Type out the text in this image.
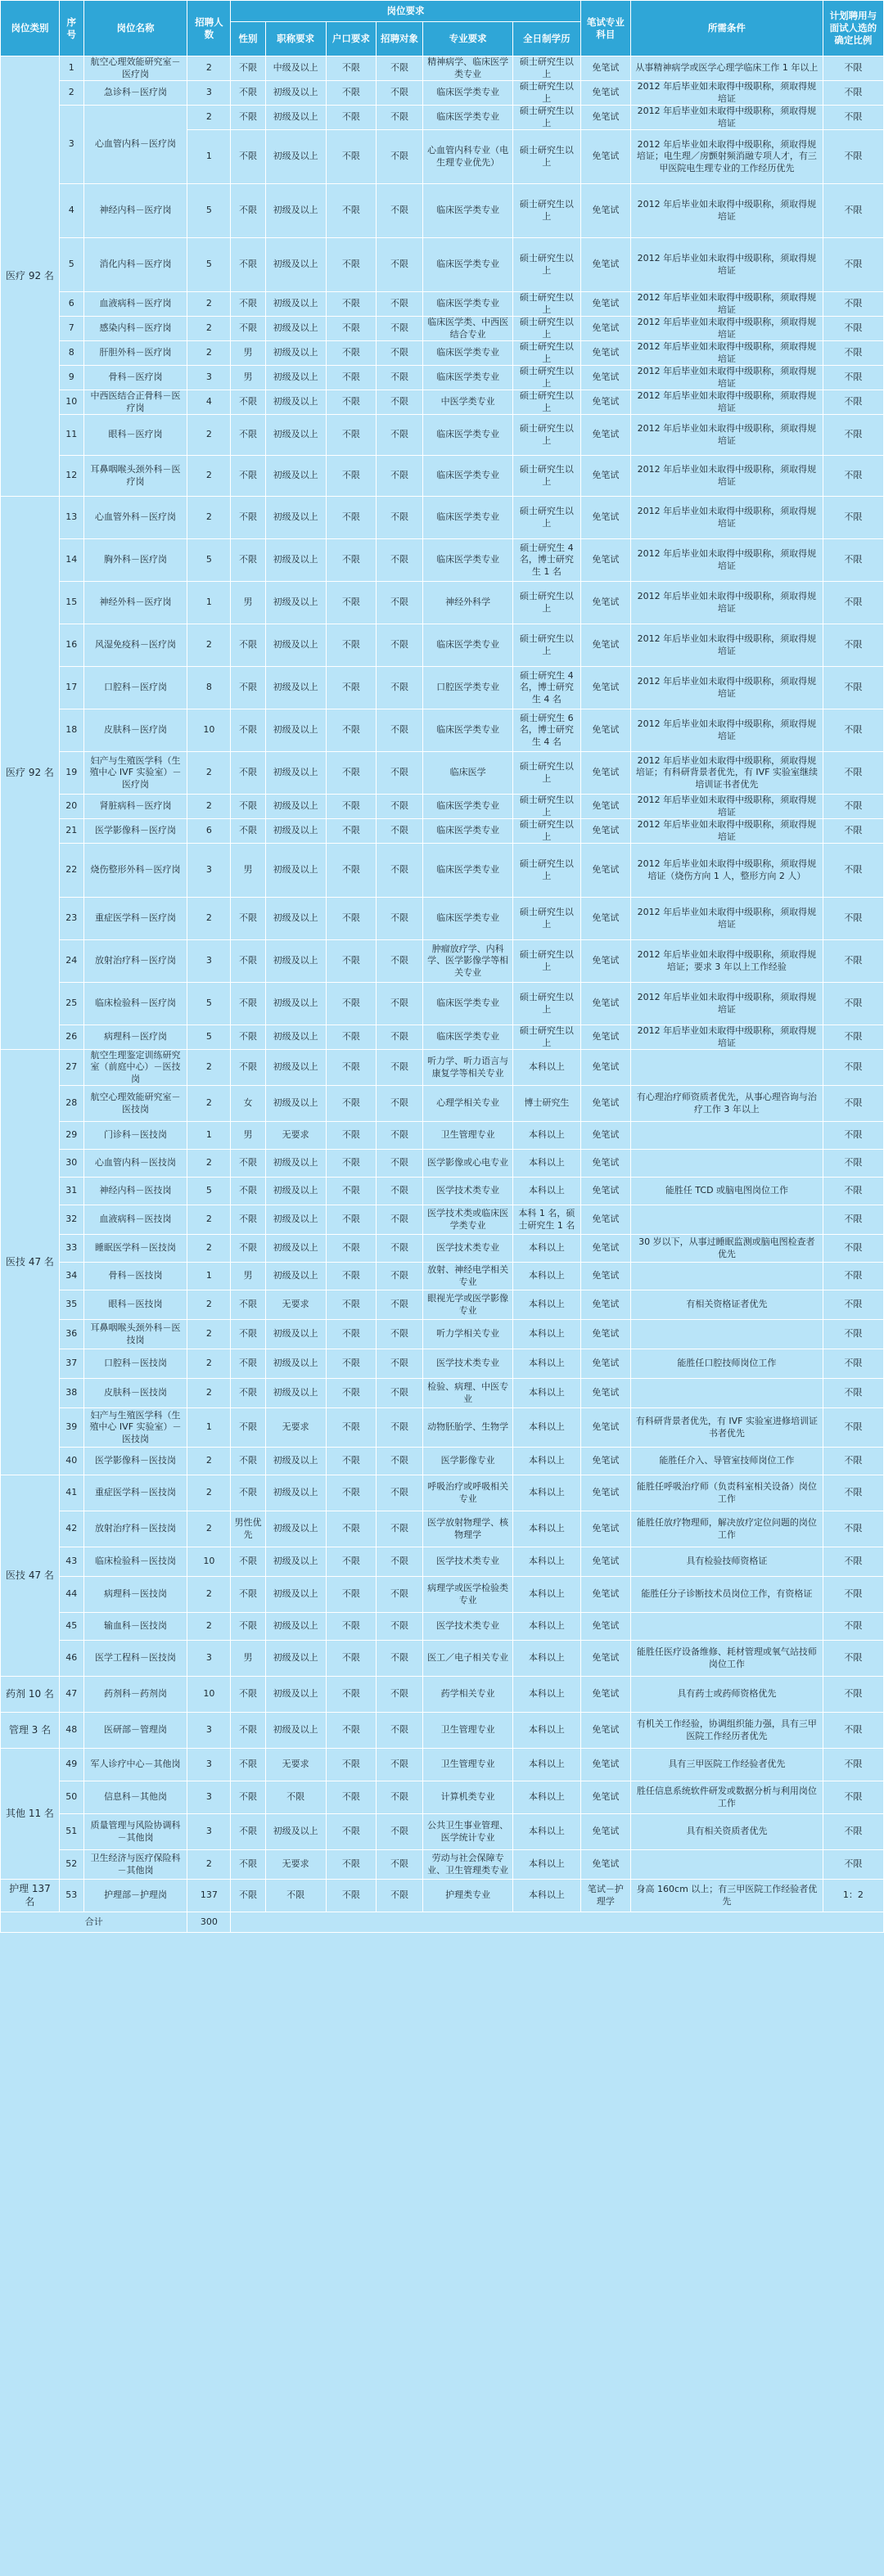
岗位类别	序号	岗位名称	招聘人数	岗位要求						笔试专业科目	所需条件	计划聘用与面试人选的确定比例
				性别	职称要求	户口要求	招聘对象	专业要求	全日制学历			
医疗 92 名	1	航空心理效能研究室－医疗岗	2	不限	中级及以上	不限	不限	精神病学、临床医学类专业	硕士研究生以上	免笔试	从事精神病学或医学心理学临床工作 1 年以上	不限
	2	急诊科－医疗岗	3	不限	初级及以上	不限	不限	临床医学类专业	硕士研究生以上	免笔试	2012 年后毕业如未取得中级职称，须取得规培证	不限
	3	心血管内科－医疗岗	2	不限	初级及以上	不限	不限	临床医学类专业	硕士研究生以上	免笔试	2012 年后毕业如未取得中级职称，须取得规培证	不限
			1	不限	初级及以上	不限	不限	心血管内科专业（电生理专业优先）	硕士研究生以上	免笔试	2012 年后毕业如未取得中级职称，须取得规培证；电生理／房颤射频消融专项人才，有三甲医院电生理专业的工作经历优先	不限
	4	神经内科－医疗岗	5	不限	初级及以上	不限	不限	临床医学类专业	硕士研究生以上	免笔试	2012 年后毕业如未取得中级职称，须取得规培证	不限
	5	消化内科－医疗岗	5	不限	初级及以上	不限	不限	临床医学类专业	硕士研究生以上	免笔试	2012 年后毕业如未取得中级职称，须取得规培证	不限
	6	血液病科－医疗岗	2	不限	初级及以上	不限	不限	临床医学类专业	硕士研究生以上	免笔试	2012 年后毕业如未取得中级职称，须取得规培证	不限
	7	感染内科－医疗岗	2	不限	初级及以上	不限	不限	临床医学类、中西医结合专业	硕士研究生以上	免笔试	2012 年后毕业如未取得中级职称，须取得规培证	不限
	8	肝胆外科－医疗岗	2	男	初级及以上	不限	不限	临床医学类专业	硕士研究生以上	免笔试	2012 年后毕业如未取得中级职称，须取得规培证	不限
	9	骨科－医疗岗	3	男	初级及以上	不限	不限	临床医学类专业	硕士研究生以上	免笔试	2012 年后毕业如未取得中级职称，须取得规培证	不限
	10	中西医结合正骨科－医疗岗	4	不限	初级及以上	不限	不限	中医学类专业	硕士研究生以上	免笔试	2012 年后毕业如未取得中级职称，须取得规培证	不限
	11	眼科－医疗岗	2	不限	初级及以上	不限	不限	临床医学类专业	硕士研究生以上	免笔试	2012 年后毕业如未取得中级职称，须取得规培证	不限
	12	耳鼻咽喉头颈外科－医疗岗	2	不限	初级及以上	不限	不限	临床医学类专业	硕士研究生以上	免笔试	2012 年后毕业如未取得中级职称，须取得规培证	不限
医疗 92 名	13	心血管外科－医疗岗	2	不限	初级及以上	不限	不限	临床医学类专业	硕士研究生以上	免笔试	2012 年后毕业如未取得中级职称，须取得规培证	不限
	14	胸外科－医疗岗	5	不限	初级及以上	不限	不限	临床医学类专业	硕士研究生 4 名，博士研究生 1 名	免笔试	2012 年后毕业如未取得中级职称，须取得规培证	不限
	15	神经外科－医疗岗	1	男	初级及以上	不限	不限	神经外科学	硕士研究生以上	免笔试	2012 年后毕业如未取得中级职称，须取得规培证	不限
	16	风湿免疫科－医疗岗	2	不限	初级及以上	不限	不限	临床医学类专业	硕士研究生以上	免笔试	2012 年后毕业如未取得中级职称，须取得规培证	不限
	17	口腔科－医疗岗	8	不限	初级及以上	不限	不限	口腔医学类专业	硕士研究生 4 名，博士研究生 4 名	免笔试	2012 年后毕业如未取得中级职称，须取得规培证	不限
	18	皮肤科－医疗岗	10	不限	初级及以上	不限	不限	临床医学类专业	硕士研究生 6 名，博士研究生 4 名	免笔试	2012 年后毕业如未取得中级职称，须取得规培证	不限
	19	妇产与生殖医学科（生殖中心 IVF 实验室）－医疗岗	2	不限	初级及以上	不限	不限	临床医学	硕士研究生以上	免笔试	2012 年后毕业如未取得中级职称，须取得规培证；有科研背景者优先，有 IVF 实验室继续培训证书者优先	不限
	20	肾脏病科－医疗岗	2	不限	初级及以上	不限	不限	临床医学类专业	硕士研究生以上	免笔试	2012 年后毕业如未取得中级职称，须取得规培证	不限
	21	医学影像科－医疗岗	6	不限	初级及以上	不限	不限	临床医学类专业	硕士研究生以上	免笔试	2012 年后毕业如未取得中级职称，须取得规培证	不限
	22	烧伤整形外科－医疗岗	3	男	初级及以上	不限	不限	临床医学类专业	硕士研究生以上	免笔试	2012 年后毕业如未取得中级职称，须取得规培证（烧伤方向 1 人，整形方向 2 人）	不限
	23	重症医学科－医疗岗	2	不限	初级及以上	不限	不限	临床医学类专业	硕士研究生以上	免笔试	2012 年后毕业如未取得中级职称，须取得规培证	不限
	24	放射治疗科－医疗岗	3	不限	初级及以上	不限	不限	肿瘤放疗学、内科学、医学影像学等相关专业	硕士研究生以上	免笔试	2012 年后毕业如未取得中级职称，须取得规培证；要求 3 年以上工作经验	不限
	25	临床检验科－医疗岗	5	不限	初级及以上	不限	不限	临床医学类专业	硕士研究生以上	免笔试	2012 年后毕业如未取得中级职称，须取得规培证	不限
	26	病理科－医疗岗	5	不限	初级及以上	不限	不限	临床医学类专业	硕士研究生以上	免笔试	2012 年后毕业如未取得中级职称，须取得规培证	不限
医技 47 名	27	航空生理鉴定训练研究室（前庭中心）－医技岗	2	不限	初级及以上	不限	不限	听力学、听力语言与康复学等相关专业	本科以上	免笔试		不限
	28	航空心理效能研究室－医技岗	2	女	初级及以上	不限	不限	心理学相关专业	博士研究生	免笔试	有心理治疗师资质者优先，从事心理咨询与治疗工作 3 年以上	不限
	29	门诊科－医技岗	1	男	无要求	不限	不限	卫生管理专业	本科以上	免笔试		不限
	30	心血管内科－医技岗	2	不限	初级及以上	不限	不限	医学影像或心电专业	本科以上	免笔试		不限
	31	神经内科－医技岗	5	不限	初级及以上	不限	不限	医学技术类专业	本科以上	免笔试	能胜任 TCD 或脑电图岗位工作	不限
	32	血液病科－医技岗	2	不限	初级及以上	不限	不限	医学技术类或临床医学类专业	本科 1 名，硕士研究生 1 名	免笔试		不限
	33	睡眠医学科－医技岗	2	不限	初级及以上	不限	不限	医学技术类专业	本科以上	免笔试	30 岁以下，从事过睡眠监测或脑电图检查者优先	不限
	34	骨科－医技岗	1	男	初级及以上	不限	不限	放射、神经电学相关专业	本科以上	免笔试		不限
	35	眼科－医技岗	2	不限	无要求	不限	不限	眼视光学或医学影像专业	本科以上	免笔试	有相关资格证者优先	不限
	36	耳鼻咽喉头颈外科－医技岗	2	不限	初级及以上	不限	不限	听力学相关专业	本科以上	免笔试		不限
	37	口腔科－医技岗	2	不限	初级及以上	不限	不限	医学技术类专业	本科以上	免笔试	能胜任口腔技师岗位工作	不限
	38	皮肤科－医技岗	2	不限	初级及以上	不限	不限	检验、病理、中医专业	本科以上	免笔试		不限
	39	妇产与生殖医学科（生殖中心 IVF 实验室）－医技岗	1	不限	无要求	不限	不限	动物胚胎学、生物学	本科以上	免笔试	有科研背景者优先，有 IVF 实验室进修培训证书者优先	不限
	40	医学影像科－医技岗	2	不限	初级及以上	不限	不限	医学影像专业	本科以上	免笔试	能胜任介入、导管室技师岗位工作	不限
医技 47 名	41	重症医学科－医技岗	2	不限	初级及以上	不限	不限	呼吸治疗或呼吸相关专业	本科以上	免笔试	能胜任呼吸治疗师（负责科室相关设备）岗位工作	不限
	42	放射治疗科－医技岗	2	男性优先	初级及以上	不限	不限	医学放射物理学、核物理学	本科以上	免笔试	能胜任放疗物理师，解决放疗定位问题的岗位工作	不限
	43	临床检验科－医技岗	10	不限	初级及以上	不限	不限	医学技术类专业	本科以上	免笔试	具有检验技师资格证	不限
	44	病理科－医技岗	2	不限	初级及以上	不限	不限	病理学或医学检验类专业	本科以上	免笔试	能胜任分子诊断技术员岗位工作，有资格证	不限
	45	输血科－医技岗	2	不限	初级及以上	不限	不限	医学技术类专业	本科以上	免笔试		不限
	46	医学工程科－医技岗	3	男	初级及以上	不限	不限	医工／电子相关专业	本科以上	免笔试	能胜任医疗设备维修、耗材管理或氧气站技师岗位工作	不限
药剂 10 名	47	药剂科－药剂岗	10	不限	初级及以上	不限	不限	药学相关专业	本科以上	免笔试	具有药士或药师资格优先	不限
管理 3 名	48	医研部－管理岗	3	不限	初级及以上	不限	不限	卫生管理专业	本科以上	免笔试	有机关工作经验，协调组织能力强，具有三甲医院工作经历者优先	不限
其他 11 名	49	军人诊疗中心－其他岗	3	不限	无要求	不限	不限	卫生管理专业	本科以上	免笔试	具有三甲医院工作经验者优先	不限
	50	信息科－其他岗	3	不限	不限	不限	不限	计算机类专业	本科以上	免笔试	胜任信息系统软件研发或数据分析与利用岗位工作	不限
	51	质量管理与风险协调科－其他岗	3	不限	初级及以上	不限	不限	公共卫生事业管理、医学统计专业	本科以上	免笔试	具有相关资质者优先	不限
	52	卫生经济与医疗保险科－其他岗	2	不限	无要求	不限	不限	劳动与社会保障专业、卫生管理类专业	本科以上	免笔试		不限
护理 137 名	53	护理部－护理岗	137	不限	不限	不限	不限	护理类专业	本科以上	笔试－护理学	身高 160cm 以上；有三甲医院工作经验者优先	1：2
合计			300									
